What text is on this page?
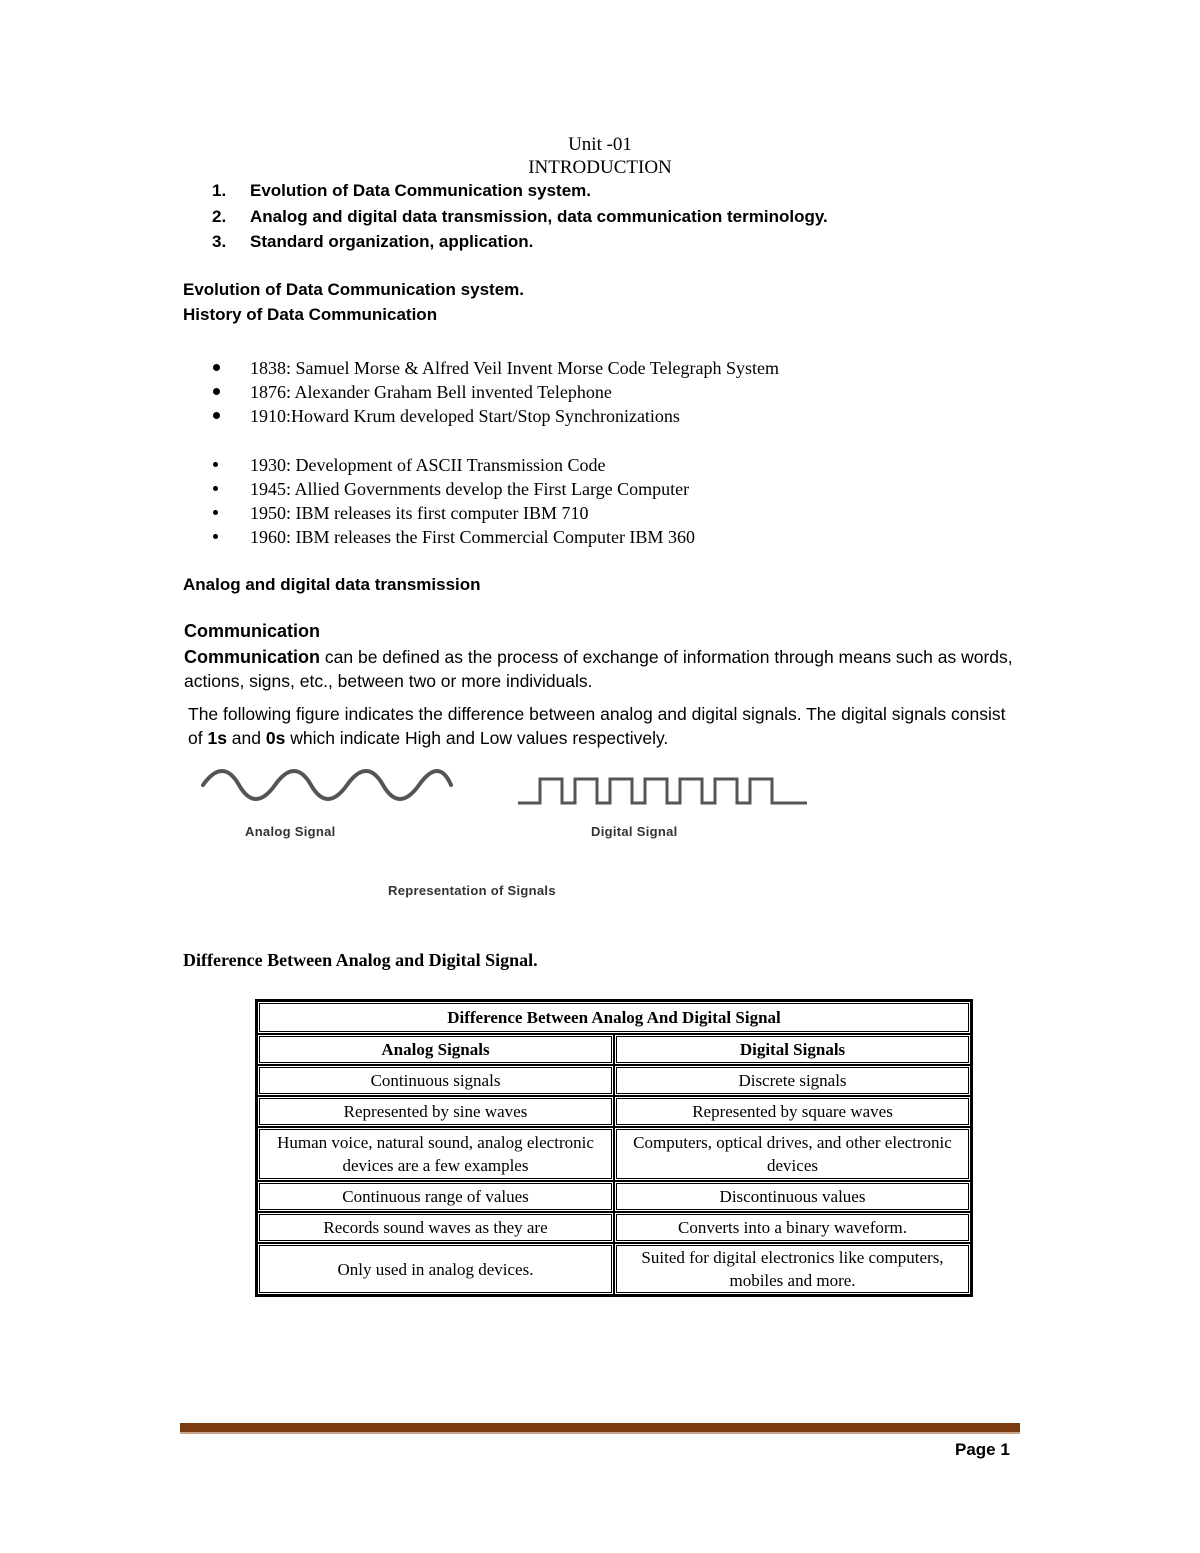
Unit -01
INTRODUCTION
1. Evolution of Data Communication system.
2. Analog and digital data transmission, data communication terminology.
3. Standard organization, application.
Evolution of Data Communication system.
History of Data Communication
1838: Samuel Morse & Alfred Veil Invent Morse Code Telegraph System
1876: Alexander Graham Bell invented Telephone
1910:Howard Krum developed Start/Stop Synchronizations
1930: Development of ASCII Transmission Code
1945: Allied Governments develop the First Large Computer
1950: IBM releases its first computer IBM 710
1960: IBM releases the First Commercial Computer IBM 360
Analog and digital data transmission
Communication
Communication can be defined as the process of exchange of information through means such as words, actions, signs, etc., between two or more individuals.
The following figure indicates the difference between analog and digital signals. The digital signals consist of 1s and 0s which indicate High and Low values respectively.
Analog Signal	Digital Signal
Representation of Signals
Difference Between Analog and Digital Signal.
Difference Between Analog And Digital Signal	
Analog Signals	Digital Signals
Continuous signals	Discrete signals
Represented by sine waves	Represented by square waves
Human voice, natural sound, analog electronic devices are a few examples	Computers, optical drives, and other electronic devices
Continuous range of values	Discontinuous values
Records sound waves as they are	Converts into a binary waveform.
Only used in analog devices.	Suited for digital electronics like computers, mobiles and more.
Page 1
